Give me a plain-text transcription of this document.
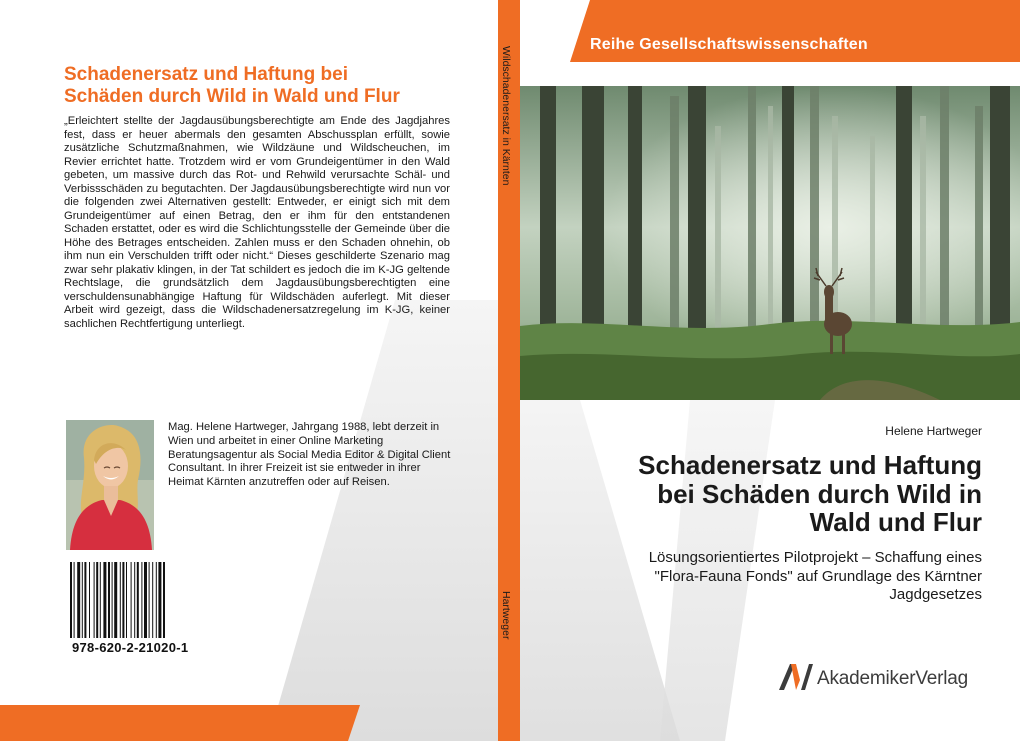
Schadenersatz und Haftung bei
Schäden durch Wild in Wald und Flur

„Erleichtert stellte der Jagdausübungsberechtigte am Ende des Jagdjahres fest, dass er heuer abermals den gesamten Abschussplan erfüllt, sowie zusätzliche Schutzmaßnahmen, wie Wildzäune und Wildscheuchen, im Revier errichtet hatte. Trotzdem wird er vom Grundeigentümer in den Wald gebeten, um massive durch das Rot- und Rehwild verursachte Schäl- und Verbissschäden zu begutachten. Der Jagdausübungsberechtigte wird nun vor die folgenden zwei Alternativen gestellt: Entweder, er einigt sich mit dem Grundeigentümer auf einen Betrag, den er ihm für den entstandenen Schaden erstattet, oder es wird die Schlichtungsstelle der Gemeinde über die Höhe des Betrages entscheiden. Zahlen muss er den Schaden ohnehin, ob ihm nun ein Verschulden trifft oder nicht.“ Dieses geschilderte Szenario mag zwar sehr plakativ klingen, in der Tat schildert es jedoch die im K-JG geltende Rechtslage, die grundsätzlich dem Jagdausübungsberechtigten eine verschuldensunabhängige Haftung für Wildschäden auferlegt. Mit dieser Arbeit wird gezeigt, dass die Wildschadenersatzregelung im K-JG, keiner sachlichen Rechtfertigung unterliegt.

Mag. Helene Hartweger, Jahrgang 1988, lebt derzeit in Wien und arbeitet in einer Online Marketing Beratungsagentur als Social Media Editor & Digital Client Consultant. In ihrer Freizeit ist sie entweder in ihrer Heimat Kärnten anzutreffen oder auf Reisen.

978-620-2-21020-1
Wildschadenersatz in Kärnten
Hartweger
Reihe Gesellschaftswissenschaften
Helene Hartweger
Schadenersatz und Haftung
bei Schäden durch Wild in
Wald und Flur

Lösungsorientiertes Pilotprojekt – Schaffung eines
"Flora-Fauna Fonds" auf Grundlage des Kärntner
Jagdgesetzes

AkademikerVerlag
